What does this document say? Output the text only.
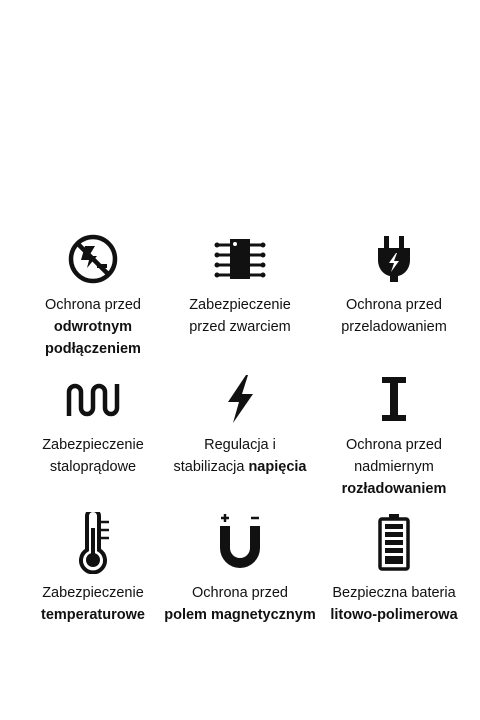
Ochrona przed
odwrotnym
podłączeniem
Zabezpieczenie
przed zwarciem
Ochrona przed
przeladowaniem
Zabezpieczenie
staloprądowe
Regulacja i
stabilizacja napięcia
Ochrona przed
nadmiernym
rozładowaniem
Zabezpieczenie
temperaturowe
Ochrona przed
polem magnetycznym
Bezpieczna bateria
litowo-polimerowa
